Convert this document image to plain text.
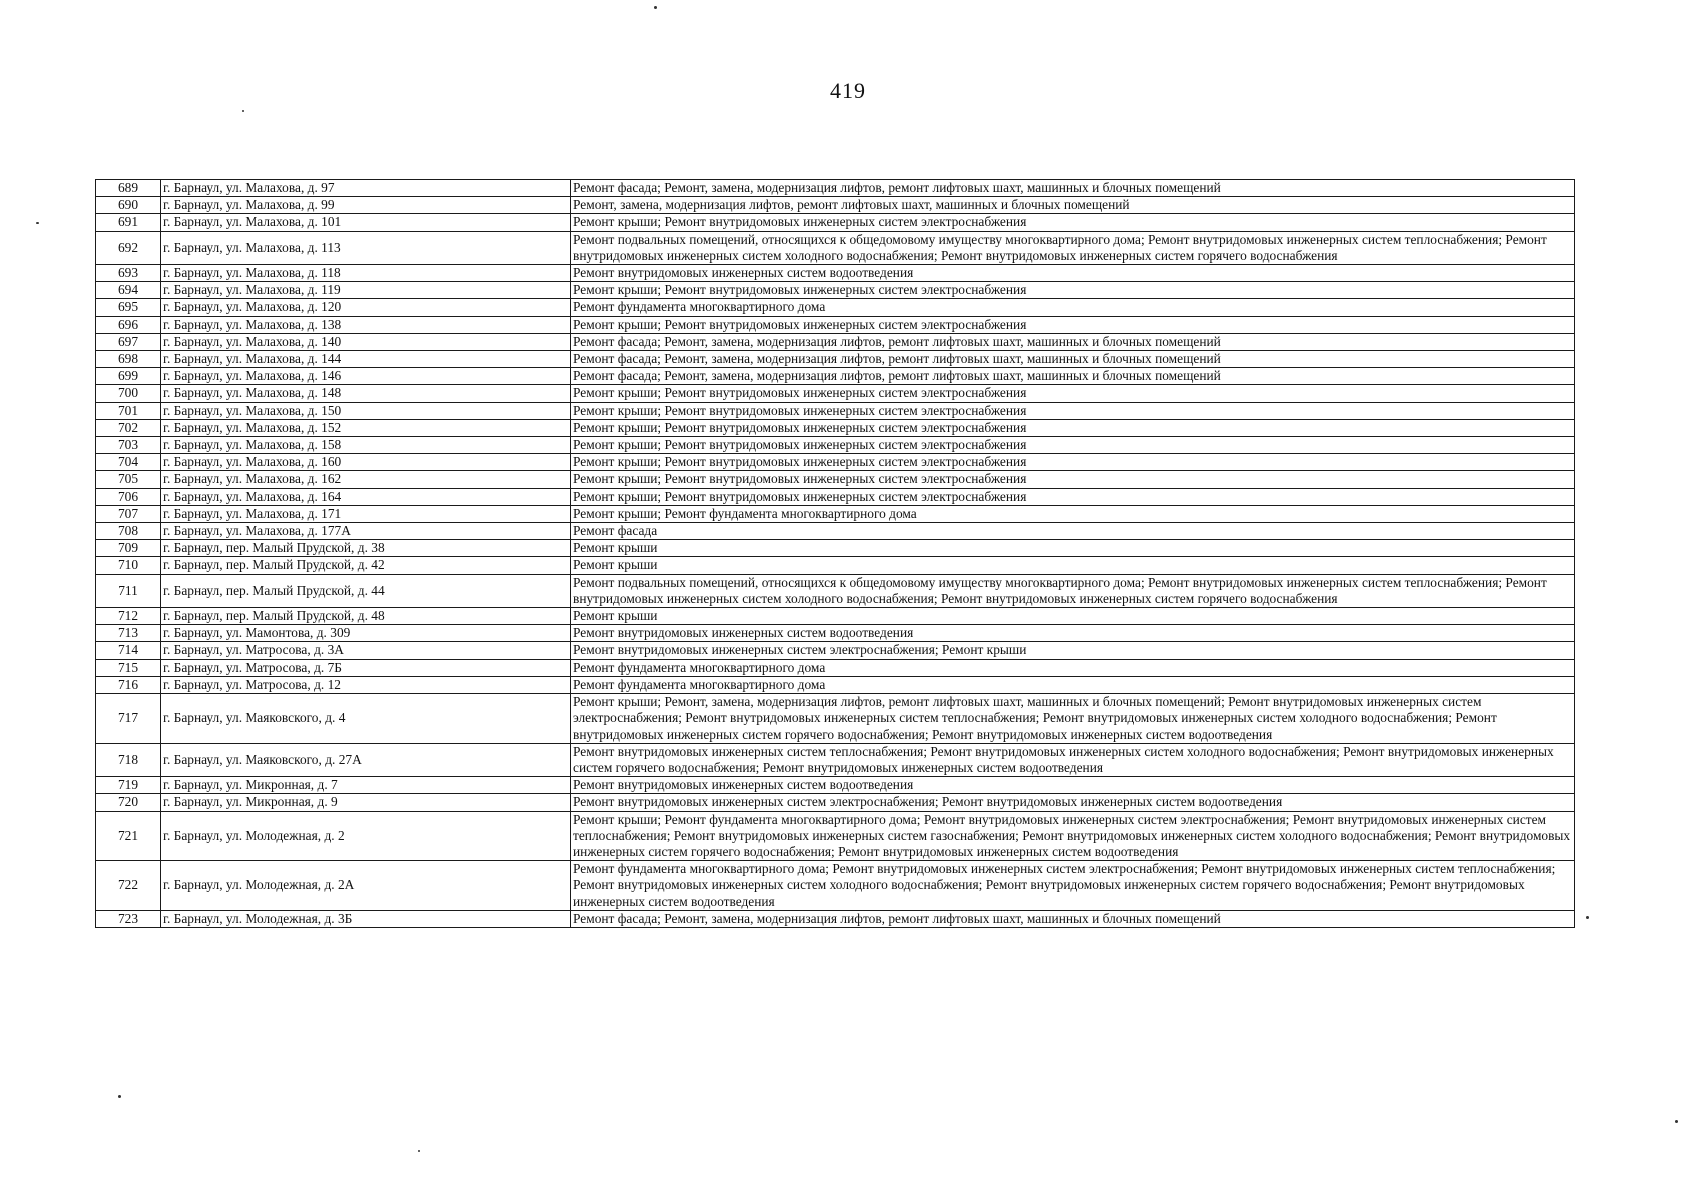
419
689	г. Барнаул, ул. Малахова, д. 97	Ремонт фасада; Ремонт, замена, модернизация лифтов, ремонт лифтовых шахт, машинных и блочных помещений
690	г. Барнаул, ул. Малахова, д. 99	Ремонт, замена, модернизация лифтов, ремонт лифтовых шахт, машинных и блочных помещений
691	г. Барнаул, ул. Малахова, д. 101	Ремонт крыши; Ремонт внутридомовых инженерных систем электроснабжения
692	г. Барнаул, ул. Малахова, д. 113	Ремонт подвальных помещений, относящихся к общедомовому имуществу многоквартирного дома; Ремонт внутридомовых инженерных систем теплоснабжения; Ремонт внутридомовых инженерных систем холодного водоснабжения; Ремонт внутридомовых инженерных систем горячего водоснабжения
693	г. Барнаул, ул. Малахова, д. 118	Ремонт внутридомовых инженерных систем водоотведения
694	г. Барнаул, ул. Малахова, д. 119	Ремонт крыши; Ремонт внутридомовых инженерных систем электроснабжения
695	г. Барнаул, ул. Малахова, д. 120	Ремонт фундамента многоквартирного дома
696	г. Барнаул, ул. Малахова, д. 138	Ремонт крыши; Ремонт внутридомовых инженерных систем электроснабжения
697	г. Барнаул, ул. Малахова, д. 140	Ремонт фасада; Ремонт, замена, модернизация лифтов, ремонт лифтовых шахт, машинных и блочных помещений
698	г. Барнаул, ул. Малахова, д. 144	Ремонт фасада; Ремонт, замена, модернизация лифтов, ремонт лифтовых шахт, машинных и блочных помещений
699	г. Барнаул, ул. Малахова, д. 146	Ремонт фасада; Ремонт, замена, модернизация лифтов, ремонт лифтовых шахт, машинных и блочных помещений
700	г. Барнаул, ул. Малахова, д. 148	Ремонт крыши; Ремонт внутридомовых инженерных систем электроснабжения
701	г. Барнаул, ул. Малахова, д. 150	Ремонт крыши; Ремонт внутридомовых инженерных систем электроснабжения
702	г. Барнаул, ул. Малахова, д. 152	Ремонт крыши; Ремонт внутридомовых инженерных систем электроснабжения
703	г. Барнаул, ул. Малахова, д. 158	Ремонт крыши; Ремонт внутридомовых инженерных систем электроснабжения
704	г. Барнаул, ул. Малахова, д. 160	Ремонт крыши; Ремонт внутридомовых инженерных систем электроснабжения
705	г. Барнаул, ул. Малахова, д. 162	Ремонт крыши; Ремонт внутридомовых инженерных систем электроснабжения
706	г. Барнаул, ул. Малахова, д. 164	Ремонт крыши; Ремонт внутридомовых инженерных систем электроснабжения
707	г. Барнаул, ул. Малахова, д. 171	Ремонт крыши; Ремонт фундамента многоквартирного дома
708	г. Барнаул, ул. Малахова, д. 177А	Ремонт фасада
709	г. Барнаул, пер. Малый Прудской, д. 38	Ремонт крыши
710	г. Барнаул, пер. Малый Прудской, д. 42	Ремонт крыши
711	г. Барнаул, пер. Малый Прудской, д. 44	Ремонт подвальных помещений, относящихся к общедомовому имуществу многоквартирного дома; Ремонт внутридомовых инженерных систем теплоснабжения; Ремонт внутридомовых инженерных систем холодного водоснабжения; Ремонт внутридомовых инженерных систем горячего водоснабжения
712	г. Барнаул, пер. Малый Прудской, д. 48	Ремонт крыши
713	г. Барнаул, ул. Мамонтова, д. 309	Ремонт внутридомовых инженерных систем водоотведения
714	г. Барнаул, ул. Матросова, д. 3А	Ремонт внутридомовых инженерных систем электроснабжения; Ремонт крыши
715	г. Барнаул, ул. Матросова, д. 7Б	Ремонт фундамента многоквартирного дома
716	г. Барнаул, ул. Матросова, д. 12	Ремонт фундамента многоквартирного дома
717	г. Барнаул, ул. Маяковского, д. 4	Ремонт крыши; Ремонт, замена, модернизация лифтов, ремонт лифтовых шахт, машинных и блочных помещений; Ремонт внутридомовых инженерных систем электроснабжения; Ремонт внутридомовых инженерных систем теплоснабжения; Ремонт внутридомовых инженерных систем холодного водоснабжения; Ремонт внутридомовых инженерных систем горячего водоснабжения; Ремонт внутридомовых инженерных систем водоотведения
718	г. Барнаул, ул. Маяковского, д. 27А	Ремонт внутридомовых инженерных систем теплоснабжения; Ремонт внутридомовых инженерных систем холодного водоснабжения; Ремонт внутридомовых инженерных систем горячего водоснабжения; Ремонт внутридомовых инженерных систем водоотведения
719	г. Барнаул, ул. Микронная, д. 7	Ремонт внутридомовых инженерных систем водоотведения
720	г. Барнаул, ул. Микронная, д. 9	Ремонт внутридомовых инженерных систем электроснабжения; Ремонт внутридомовых инженерных систем водоотведения
721	г. Барнаул, ул. Молодежная, д. 2	Ремонт крыши; Ремонт фундамента многоквартирного дома; Ремонт внутридомовых инженерных систем электроснабжения; Ремонт внутридомовых инженерных систем теплоснабжения; Ремонт внутридомовых инженерных систем газоснабжения; Ремонт внутридомовых инженерных систем холодного водоснабжения; Ремонт внутридомовых инженерных систем горячего водоснабжения; Ремонт внутридомовых инженерных систем водоотведения
722	г. Барнаул, ул. Молодежная, д. 2А	Ремонт фундамента многоквартирного дома; Ремонт внутридомовых инженерных систем электроснабжения; Ремонт внутридомовых инженерных систем теплоснабжения; Ремонт внутридомовых инженерных систем холодного водоснабжения; Ремонт внутридомовых инженерных систем горячего водоснабжения; Ремонт внутридомовых инженерных систем водоотведения
723	г. Барнаул, ул. Молодежная, д. 3Б	Ремонт фасада; Ремонт, замена, модернизация лифтов, ремонт лифтовых шахт, машинных и блочных помещений
